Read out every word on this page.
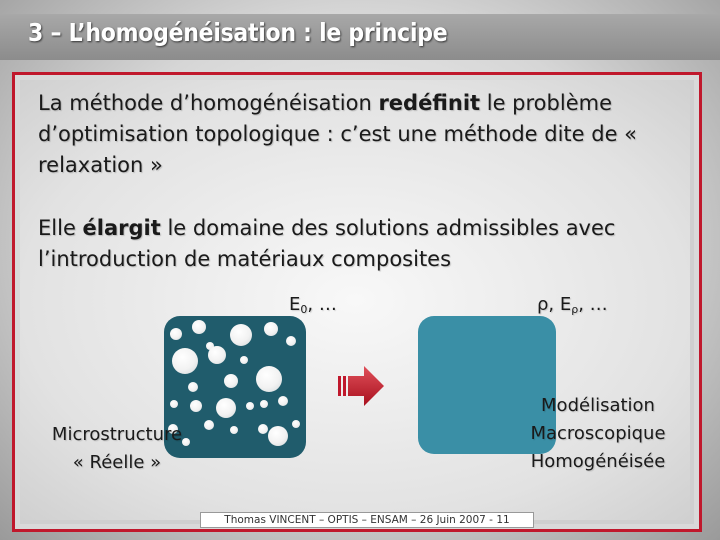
3 – L’homogénéisation : le principe

La méthode d’homogénéisation redéfinit le problème d’optimisation topologique : c’est une méthode dite de « relaxation »

Elle élargit le domaine des solutions admissibles avec l’introduction de matériaux composites

$E_0$, …	ρ, $E_\rho$, …
Microstructure
« Réelle »
Modélisation
Macroscopique
Homogénéisée
Thomas VINCENT – OPTIS – ENSAM – 26 Juin 2007 - 11
